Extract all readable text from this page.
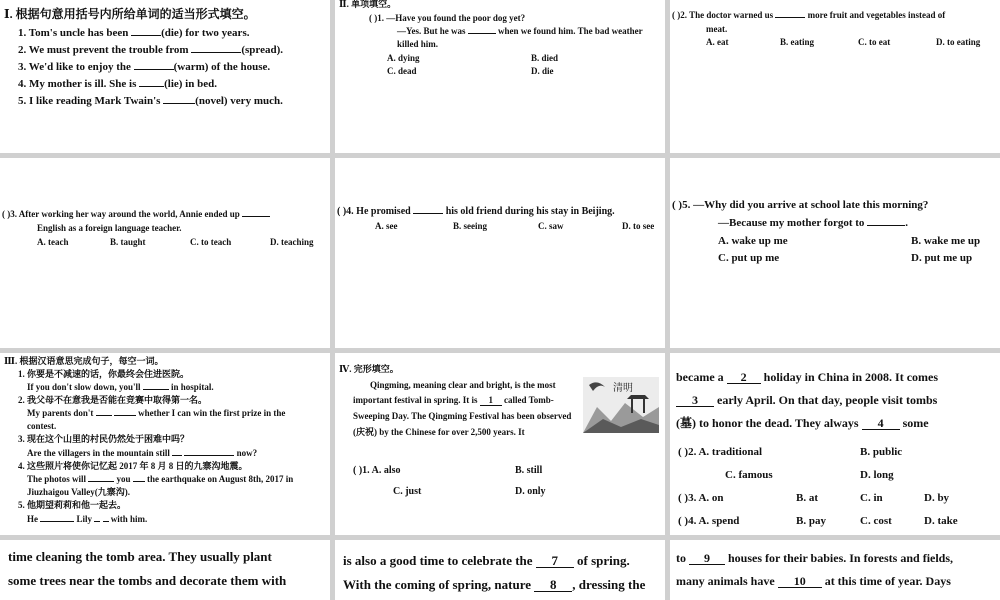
Ⅰ. 根据句意用括号内所给单词的适当形式填空。
1. Tom's uncle has been	(die) for two years.
2. We must prevent the trouble from	(spread).
3. We'd like to enjoy the	(warm) of the house.
4. My mother is ill. She is	(lie) in bed.
5. I like reading Mark Twain's	(novel) very much.
Ⅱ. 单项填空。
( )1. —Have you found the poor dog yet?
—Yes. But he was	when we found him. The bad weather
killed him.
A. dying	B. died
C. dead	D. die
( )2. The doctor warned us	more fruit and vegetables instead of
meat.
A. eat	B. eating	C. to eat	D. to eating
( )3. After working her way around the world, Annie ended up
English as a foreign language teacher.
A. teach	B. taught	C. to teach	D. teaching
( )4. He promised	his old friend during his stay in Beijing.
A. see	B. seeing	C. saw	D. to see
( )5. —Why did you arrive at school late this morning?
—Because my mother forgot to	.
A. wake up me	B. wake me up
C. put up me	D. put me up
Ⅲ. 根据汉语意思完成句子，每空一词。
1. 你要是不减速的话，你最终会住进医院。
If you don't slow down, you'll	in hospital.
2. 我父母不在意我是否能在竞赛中取得第一名。
My parents don't	whether I can win the first prize in the
contest.
3. 现在这个山里的村民仍然处于困难中吗？
Are the villagers in the mountain still	now?
4. 这些照片将使你记忆起 2017 年 8 月 8 日的九寨沟地震。
The photos will	you the earthquake on August 8th, 2017 in
Jiuzhaigou Valley(九寨沟).
5. 他期望莉莉和他一起去。
He	Lily with him.
Ⅳ. 完形填空。
Qingming, meaning clear and bright, is the most
important festival in spring. It is 1 called Tomb-
Sweeping Day. The Qingming Festival has been observed
(庆祝) by the Chinese for over 2,500 years. It
清明
( )1. A. also	B. still
C. just	D. only
became a 2 holiday in China in 2008. It comes
3 early April. On that day, people visit tombs
(墓) to honor the dead. They always 4 some
( )2. A. traditional	B. public
C. famous	D. long
( )3. A. on	B. at	C. in	D. by
( )4. A. spend	B. pay	C. cost	D. take
time cleaning the tomb area. They usually plant
some trees near the tombs and decorate them with
is also a good time to celebrate the 7 of spring.
With the coming of spring, nature 8 , dressing the
to 9 houses for their babies. In forests and fields,
many animals have 10 at this time of year. Days
